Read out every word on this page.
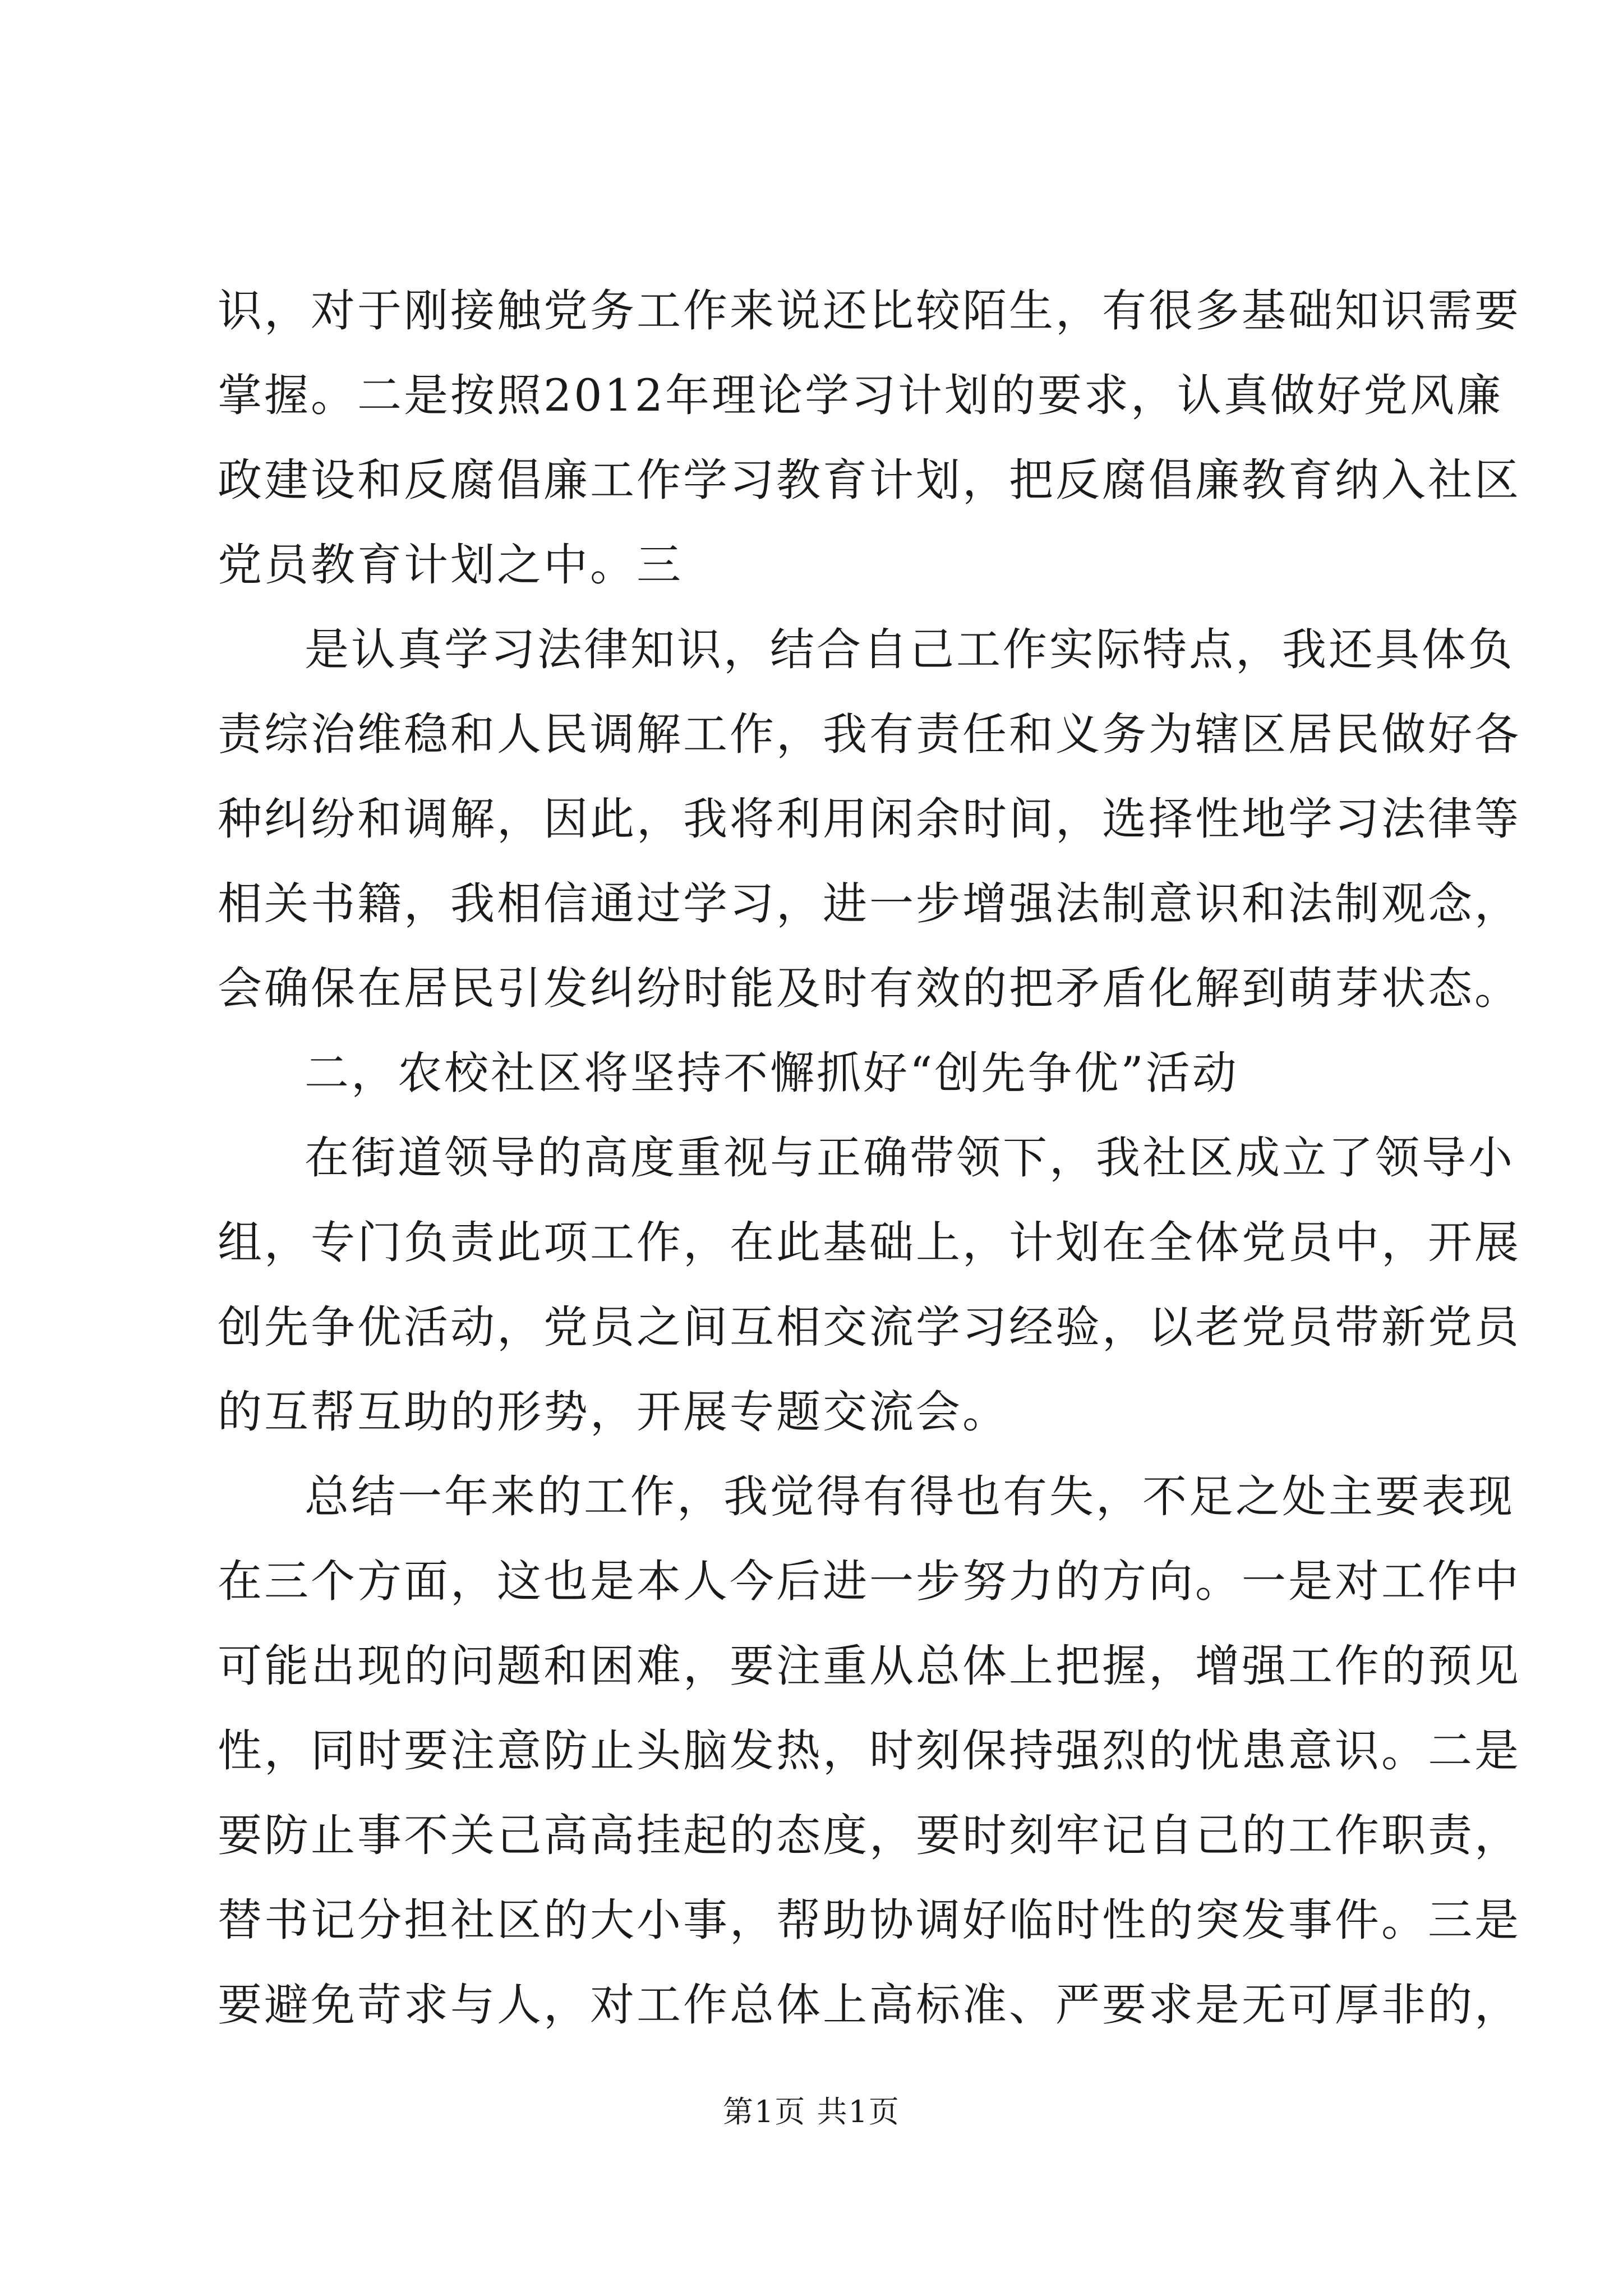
识，对于刚接触党务工作来说还比较陌生，有很多基础知识需要
掌握。二是按照2012年理论学习计划的要求，认真做好党风廉
政建设和反腐倡廉工作学习教育计划，把反腐倡廉教育纳入社区
党员教育计划之中。三
是认真学习法律知识，结合自己工作实际特点，我还具体负
责综治维稳和人民调解工作，我有责任和义务为辖区居民做好各
种纠纷和调解，因此，我将利用闲余时间，选择性地学习法律等
相关书籍，我相信通过学习，进一步增强法制意识和法制观念，
会确保在居民引发纠纷时能及时有效的把矛盾化解到萌芽状态。
二，农校社区将坚持不懈抓好“创先争优”活动
在街道领导的高度重视与正确带领下，我社区成立了领导小
组，专门负责此项工作，在此基础上，计划在全体党员中，开展
创先争优活动，党员之间互相交流学习经验，以老党员带新党员
的互帮互助的形势，开展专题交流会。
总结一年来的工作，我觉得有得也有失，不足之处主要表现
在三个方面，这也是本人今后进一步努力的方向。一是对工作中
可能出现的问题和困难，要注重从总体上把握，增强工作的预见
性，同时要注意防止头脑发热，时刻保持强烈的忧患意识。二是
要防止事不关己高高挂起的态度，要时刻牢记自己的工作职责，
替书记分担社区的大小事，帮助协调好临时性的突发事件。三是
要避免苛求与人，对工作总体上高标准、严要求是无可厚非的，
第1页 共1页
